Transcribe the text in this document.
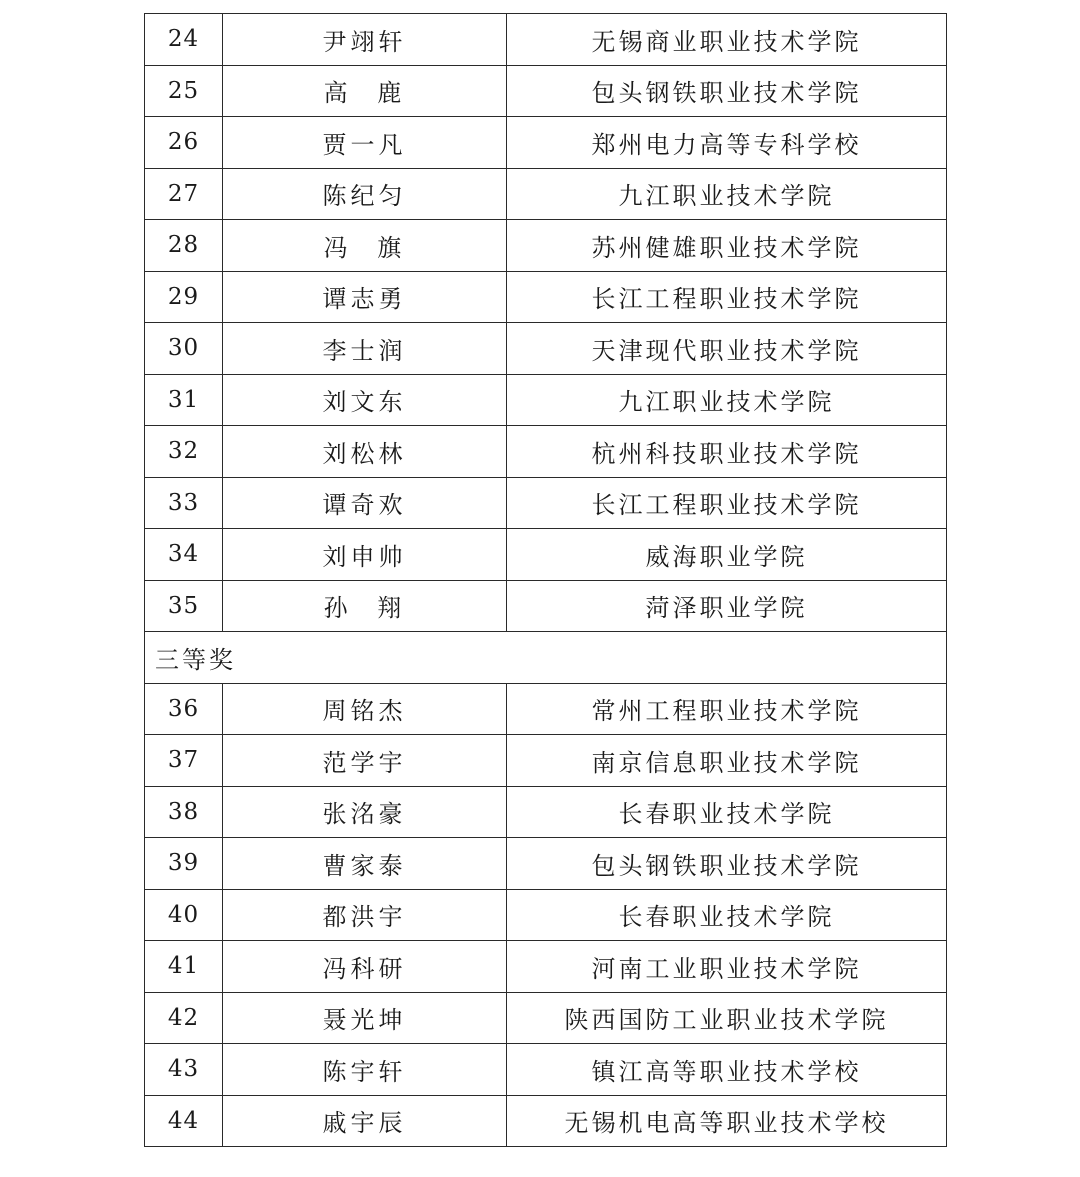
24	尹翊轩	无锡商业职业技术学院
25	高 鹿	包头钢铁职业技术学院
26	贾一凡	郑州电力高等专科学校
27	陈纪匀	九江职业技术学院
28	冯 旗	苏州健雄职业技术学院
29	谭志勇	长江工程职业技术学院
30	李士润	天津现代职业技术学院
31	刘文东	九江职业技术学院
32	刘松林	杭州科技职业技术学院
33	谭奇欢	长江工程职业技术学院
34	刘申帅	威海职业学院
35	孙 翔	菏泽职业学院
三等奖		
36	周铭杰	常州工程职业技术学院
37	范学宇	南京信息职业技术学院
38	张洺豪	长春职业技术学院
39	曹家泰	包头钢铁职业技术学院
40	都洪宇	长春职业技术学院
41	冯科研	河南工业职业技术学院
42	聂光坤	陕西国防工业职业技术学院
43	陈宇轩	镇江高等职业技术学校
44	戚宇辰	无锡机电高等职业技术学校
